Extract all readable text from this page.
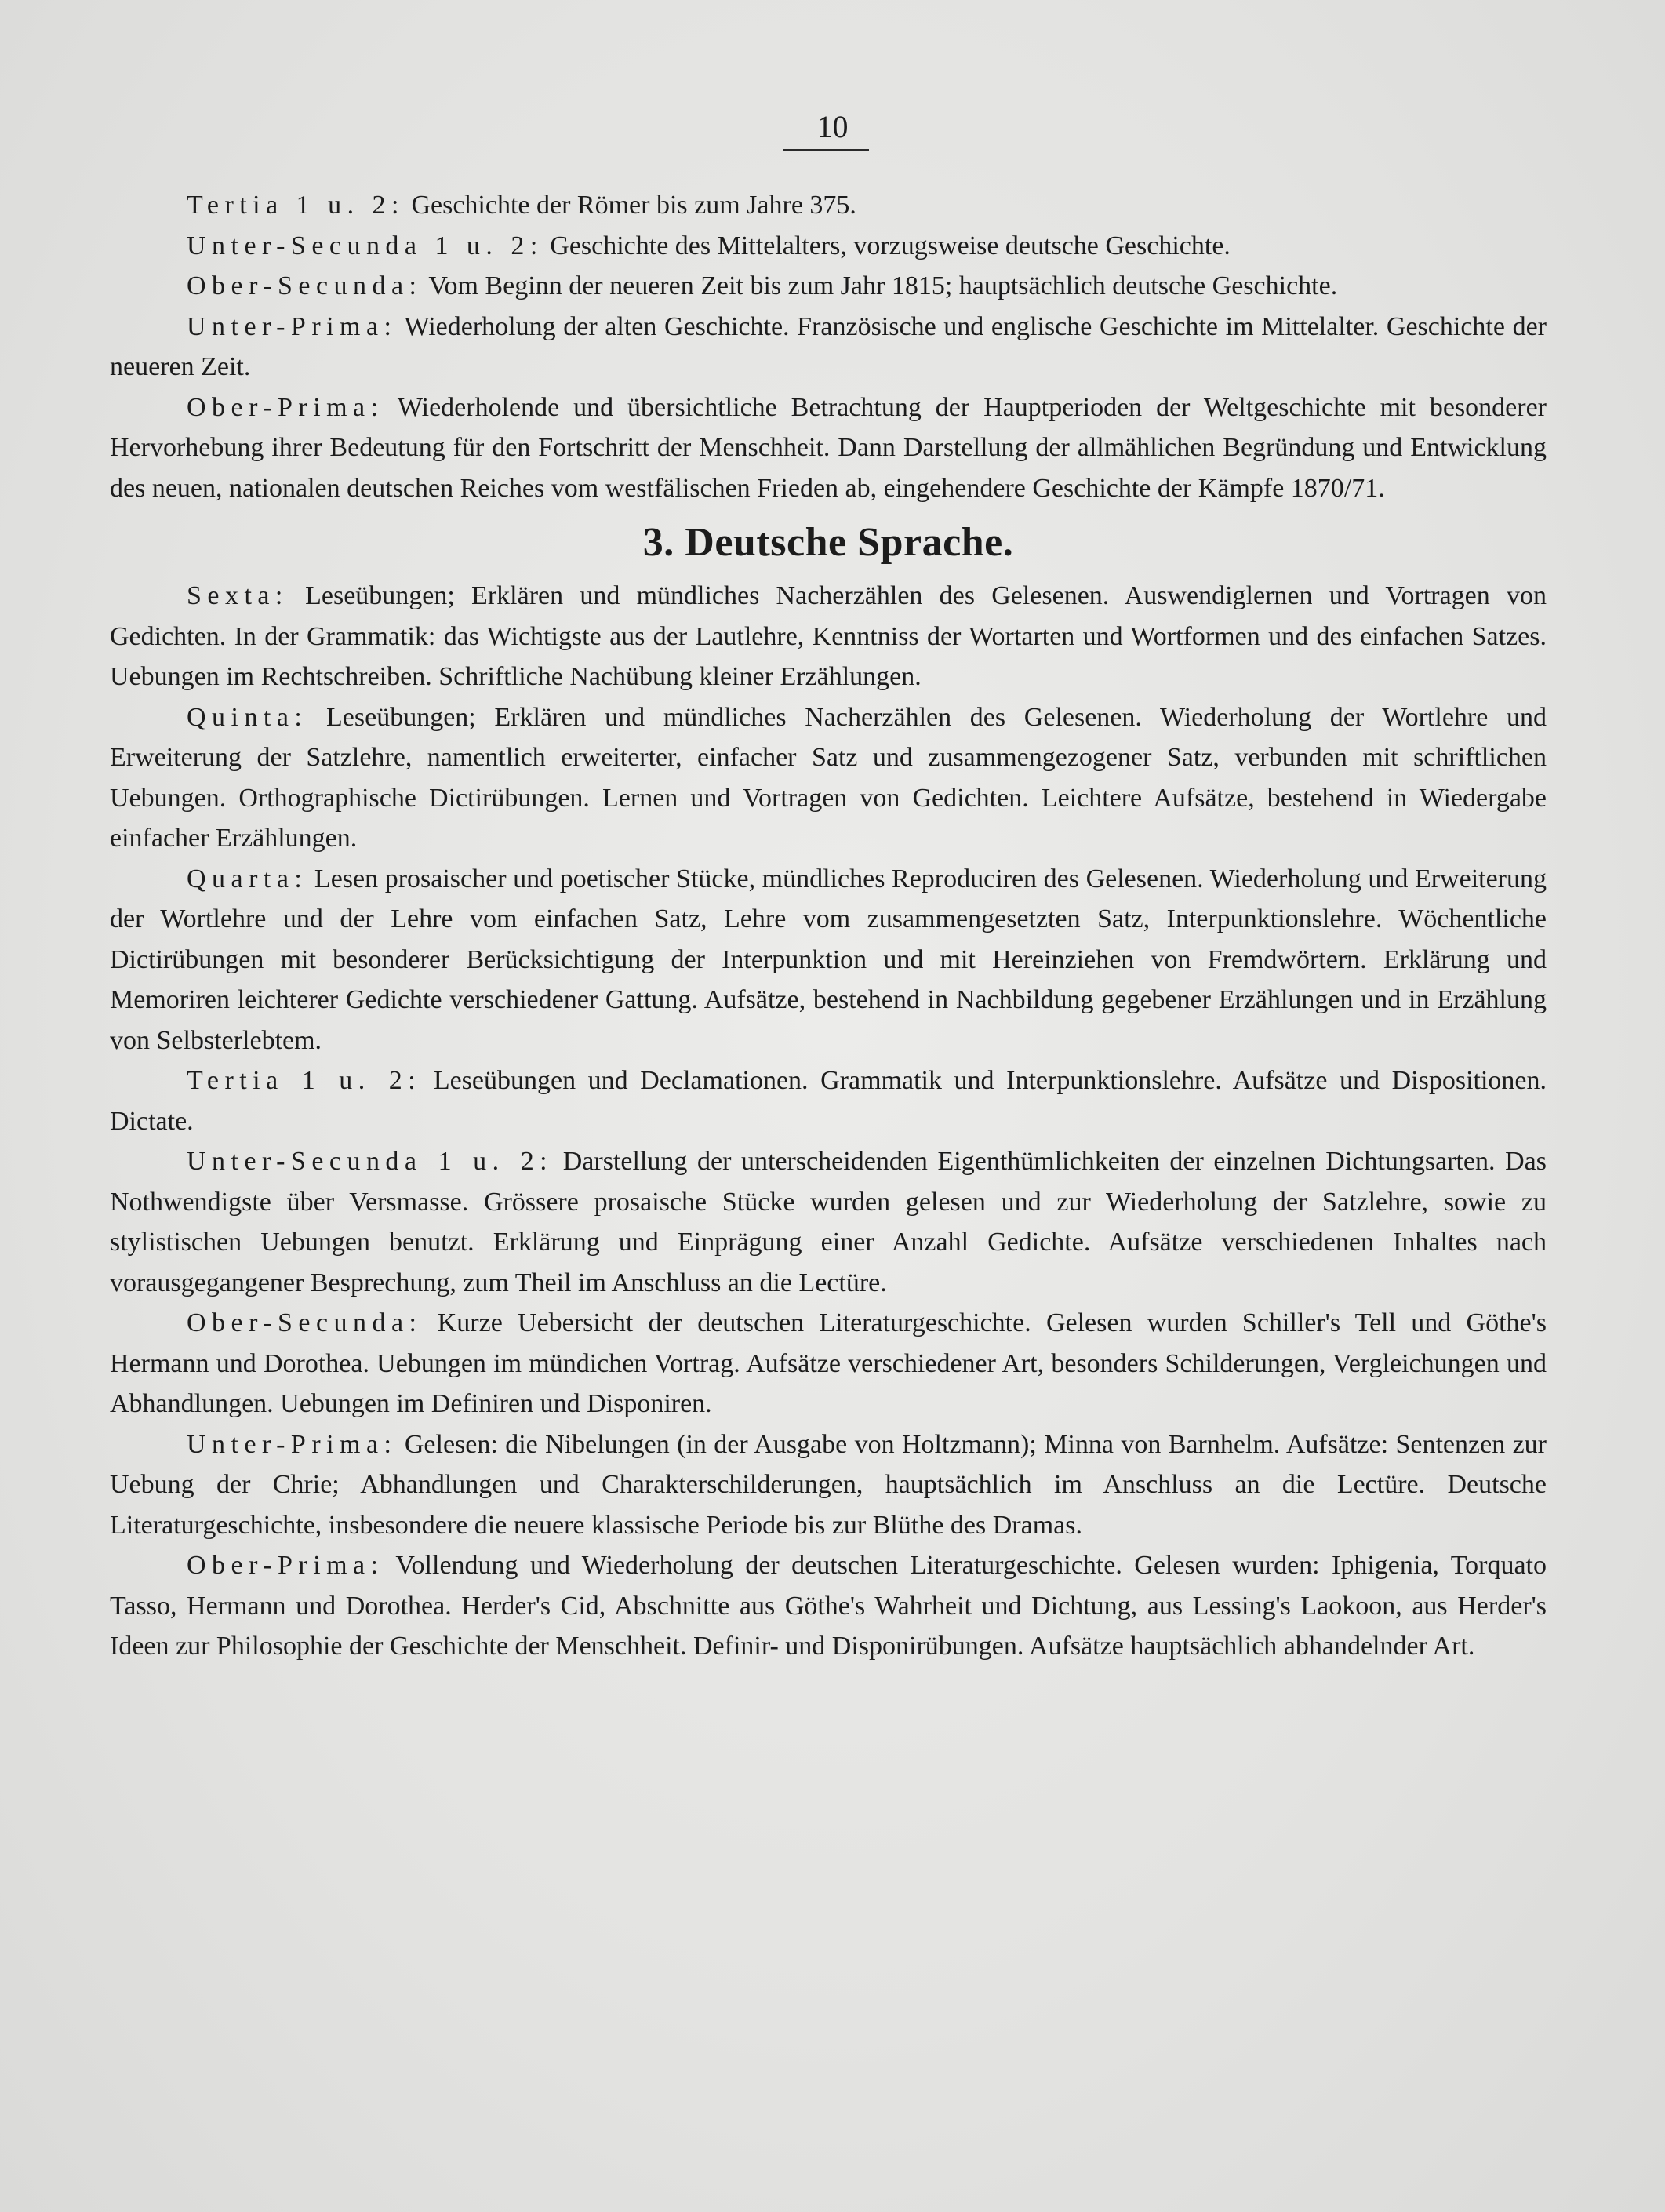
10

Tertia 1 u. 2: Geschichte der Römer bis zum Jahre 375.

Unter-Secunda 1 u. 2: Geschichte des Mittelalters, vorzugsweise deutsche Geschichte.

Ober-Secunda: Vom Beginn der neueren Zeit bis zum Jahr 1815; hauptsächlich deutsche Geschichte.

Unter-Prima: Wiederholung der alten Geschichte. Französische und englische Geschichte im Mittelalter. Geschichte der neueren Zeit.

Ober-Prima: Wiederholende und übersichtliche Betrachtung der Hauptperioden der Weltgeschichte mit besonderer Hervorhebung ihrer Bedeutung für den Fortschritt der Menschheit. Dann Darstellung der allmählichen Begründung und Entwicklung des neuen, nationalen deutschen Reiches vom westfälischen Frieden ab, eingehendere Geschichte der Kämpfe 1870/71.

3. Deutsche Sprache.

Sexta: Leseübungen; Erklären und mündliches Nacherzählen des Gelesenen. Auswendiglernen und Vortragen von Gedichten. In der Grammatik: das Wichtigste aus der Lautlehre, Kenntniss der Wortarten und Wortformen und des einfachen Satzes. Uebungen im Rechtschreiben. Schriftliche Nachübung kleiner Erzählungen.

Quinta: Leseübungen; Erklären und mündliches Nacherzählen des Gelesenen. Wiederholung der Wortlehre und Erweiterung der Satzlehre, namentlich erweiterter, einfacher Satz und zusammengezogener Satz, verbunden mit schriftlichen Uebungen. Orthographische Dictirübungen. Lernen und Vortragen von Gedichten. Leichtere Aufsätze, bestehend in Wiedergabe einfacher Erzählungen.

Quarta: Lesen prosaischer und poetischer Stücke, mündliches Reproduciren des Gelesenen. Wiederholung und Erweiterung der Wortlehre und der Lehre vom einfachen Satz, Lehre vom zusammengesetzten Satz, Interpunktionslehre. Wöchentliche Dictirübungen mit besonderer Berücksichtigung der Interpunktion und mit Hereinziehen von Fremdwörtern. Erklärung und Memoriren leichterer Gedichte verschiedener Gattung. Aufsätze, bestehend in Nachbildung gegebener Erzählungen und in Erzählung von Selbsterlebtem.

Tertia 1 u. 2: Leseübungen und Declamationen. Grammatik und Interpunktionslehre. Aufsätze und Dispositionen. Dictate.

Unter-Secunda 1 u. 2: Darstellung der unterscheidenden Eigenthümlichkeiten der einzelnen Dichtungsarten. Das Nothwendigste über Versmasse. Grössere prosaische Stücke wurden gelesen und zur Wiederholung der Satzlehre, sowie zu stylistischen Uebungen benutzt. Erklärung und Einprägung einer Anzahl Gedichte. Aufsätze verschiedenen Inhaltes nach vorausgegangener Besprechung, zum Theil im Anschluss an die Lectüre.

Ober-Secunda: Kurze Uebersicht der deutschen Literaturgeschichte. Gelesen wurden Schiller's Tell und Göthe's Hermann und Dorothea. Uebungen im mündichen Vortrag. Aufsätze verschiedener Art, besonders Schilderungen, Vergleichungen und Abhandlungen. Uebungen im Definiren und Disponiren.

Unter-Prima: Gelesen: die Nibelungen (in der Ausgabe von Holtzmann); Minna von Barnhelm. Aufsätze: Sentenzen zur Uebung der Chrie; Abhandlungen und Charakterschilderungen, hauptsächlich im Anschluss an die Lectüre. Deutsche Literaturgeschichte, insbesondere die neuere klassische Periode bis zur Blüthe des Dramas.

Ober-Prima: Vollendung und Wiederholung der deutschen Literaturgeschichte. Gelesen wurden: Iphigenia, Torquato Tasso, Hermann und Dorothea. Herder's Cid, Abschnitte aus Göthe's Wahrheit und Dichtung, aus Lessing's Laokoon, aus Herder's Ideen zur Philosophie der Geschichte der Menschheit. Definir- und Disponirübungen. Aufsätze hauptsächlich abhandelnder Art.
